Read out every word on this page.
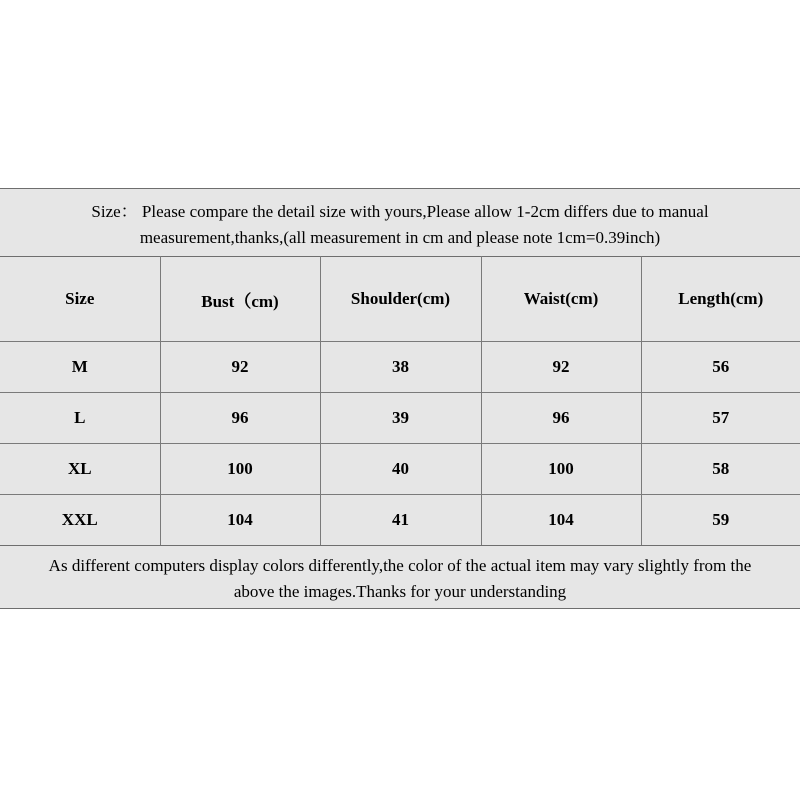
Size： Please compare the detail size with yours,Please allow 1-2cm differs due to manual
measurement,thanks,(all measurement in cm and please note 1cm=0.39inch)
Size	Bust（cm)	Shoulder(cm)	Waist(cm)	Length(cm)
M	92	38	92	56
L	96	39	96	57
XL	100	40	100	58
XXL	104	41	104	59
As different computers display colors differently,the color of the actual item may vary slightly from the
above the images.Thanks for your understanding
